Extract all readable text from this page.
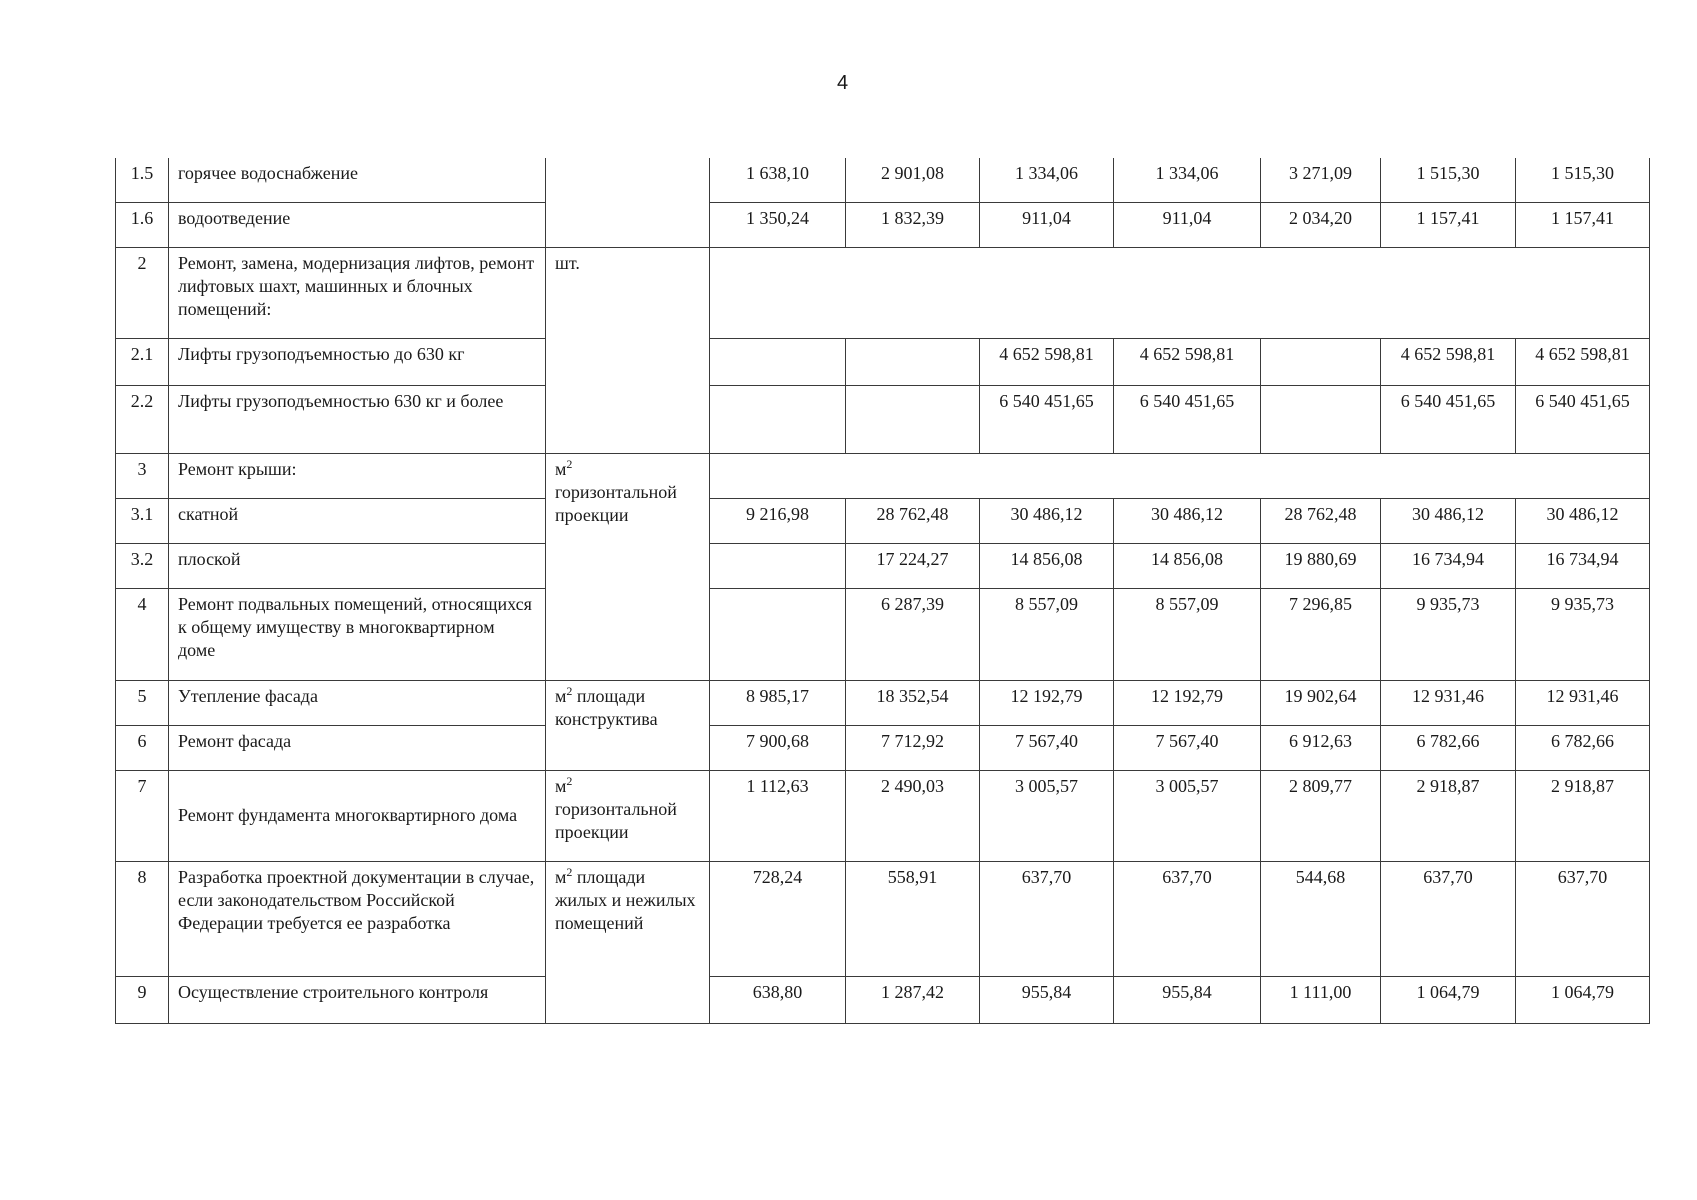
4
1.5	горячее водоснабжение		1 638,10	2 901,08	1 334,06	1 334,06	3 271,09	1 515,30	1 515,30
1.6	водоотведение		1 350,24	1 832,39	911,04	911,04	2 034,20	1 157,41	1 157,41
2	Ремонт, замена, модернизация лифтов, ремонт лифтовых шахт, машинных и блочных помещений:	шт.							
2.1	Лифты грузоподъемностью до 630 кг				4 652 598,81	4 652 598,81		4 652 598,81	4 652 598,81
2.2	Лифты грузоподъемностью 630 кг и более				6 540 451,65	6 540 451,65		6 540 451,65	6 540 451,65
3	Ремонт крыши:	$м^2$
горизонтальной проекции							
3.1	скатной		9 216,98	28 762,48	30 486,12	30 486,12	28 762,48	30 486,12	30 486,12
3.2	плоской			17 224,27	14 856,08	14 856,08	19 880,69	16 734,94	16 734,94
4	Ремонт подвальных помещений, относящихся к общему имуществу в многоквартирном доме			6 287,39	8 557,09	8 557,09	7 296,85	9 935,73	9 935,73
5	Утепление фасада	$м^2$ площади конструктива	8 985,17	18 352,54	12 192,79	12 192,79	19 902,64	12 931,46	12 931,46
6	Ремонт фасада		7 900,68	7 712,92	7 567,40	7 567,40	6 912,63	6 782,66	6 782,66
7	Ремонт фундамента многоквартирного дома	$м^2$
горизонтальной проекции	1 112,63	2 490,03	3 005,57	3 005,57	2 809,77	2 918,87	2 918,87
8	Разработка проектной документации в случае, если законодательством Российской Федерации требуется ее разработка	$м^2$ площади жилых и нежилых помещений	728,24	558,91	637,70	637,70	544,68	637,70	637,70
9	Осуществление строительного контроля		638,80	1 287,42	955,84	955,84	1 111,00	1 064,79	1 064,79
